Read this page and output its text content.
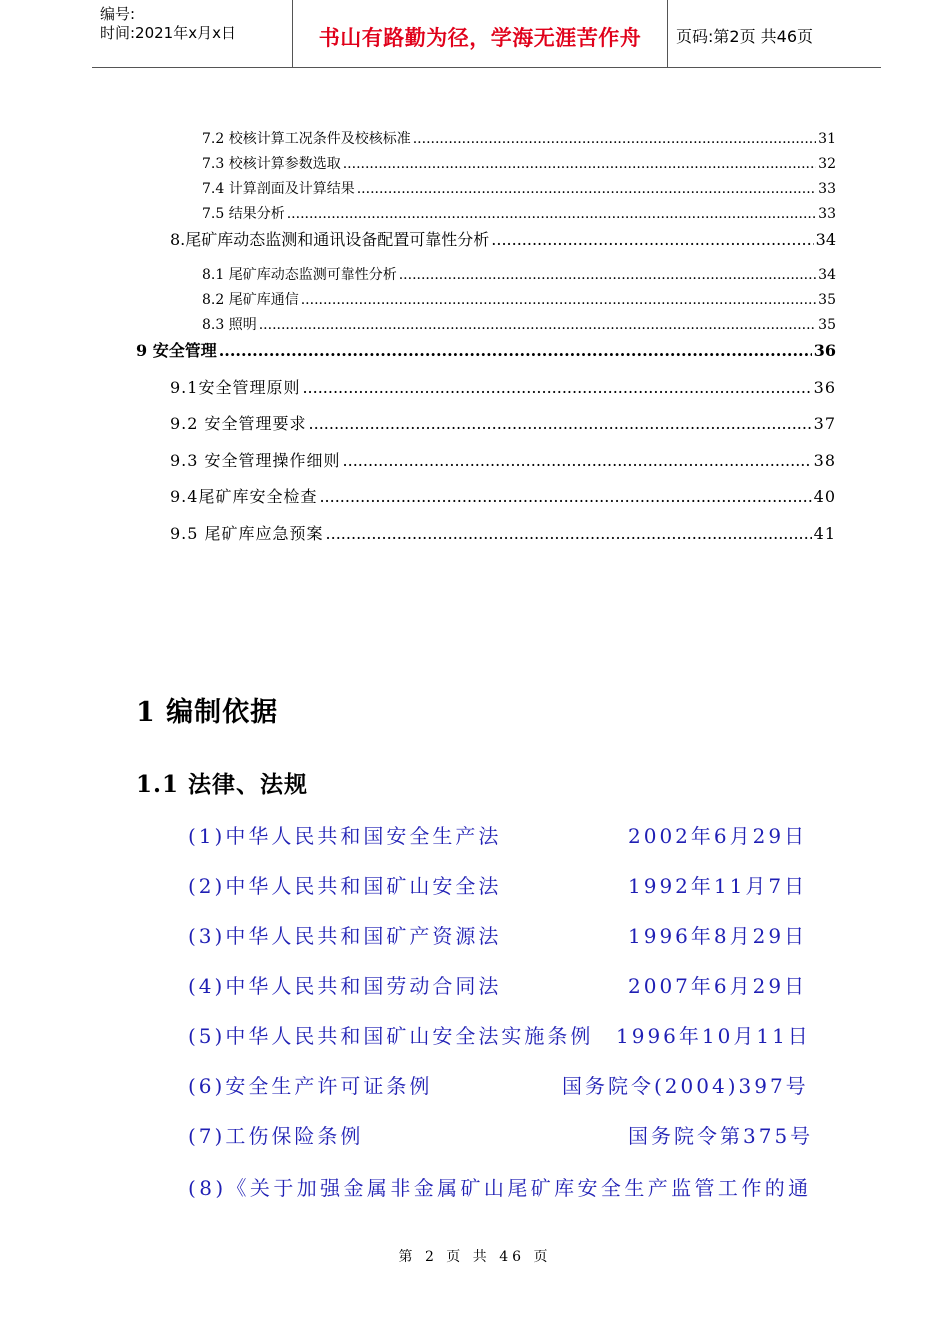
编号:
时间:2021年x月x日	书山有路勤为径，学海无涯苦作舟	页码:第2页 共46页
7.2 校核计算工况条件及校核标准 .....	31
7.3 校核计算参数选取 .....	32
7.4 计算剖面及计算结果 .....	33
7.5 结果分析 .....	33
8.尾矿库动态监测和通讯设备配置可靠性分析 .....	34
8.1 尾矿库动态监测可靠性分析 .....	34
8.2 尾矿库通信 .....	35
8.3 照明 .....	35
9 安全管理 .....	36
9.1安全管理原则 .....	36
9.2 安全管理要求 .....	37
9.3 安全管理操作细则 .....	38
9.4尾矿库安全检查 .....	40
9.5 尾矿库应急预案 .....	41
1 编制依据
1.1 法律、法规
(1)中华人民共和国安全生产法	2002年6月29日
(2)中华人民共和国矿山安全法	1992年11月7日
(3)中华人民共和国矿产资源法	1996年8月29日
(4)中华人民共和国劳动合同法	2007年6月29日
(5)中华人民共和国矿山安全法实施条例 1996年10月11日
(6)安全生产许可证条例	国务院令(2004)397号
(7)工伤保险条例	国务院令第375号
(8)《关于加强金属非金属矿山尾矿库安全生产监管工作的通
第 2 页 共 46 页
